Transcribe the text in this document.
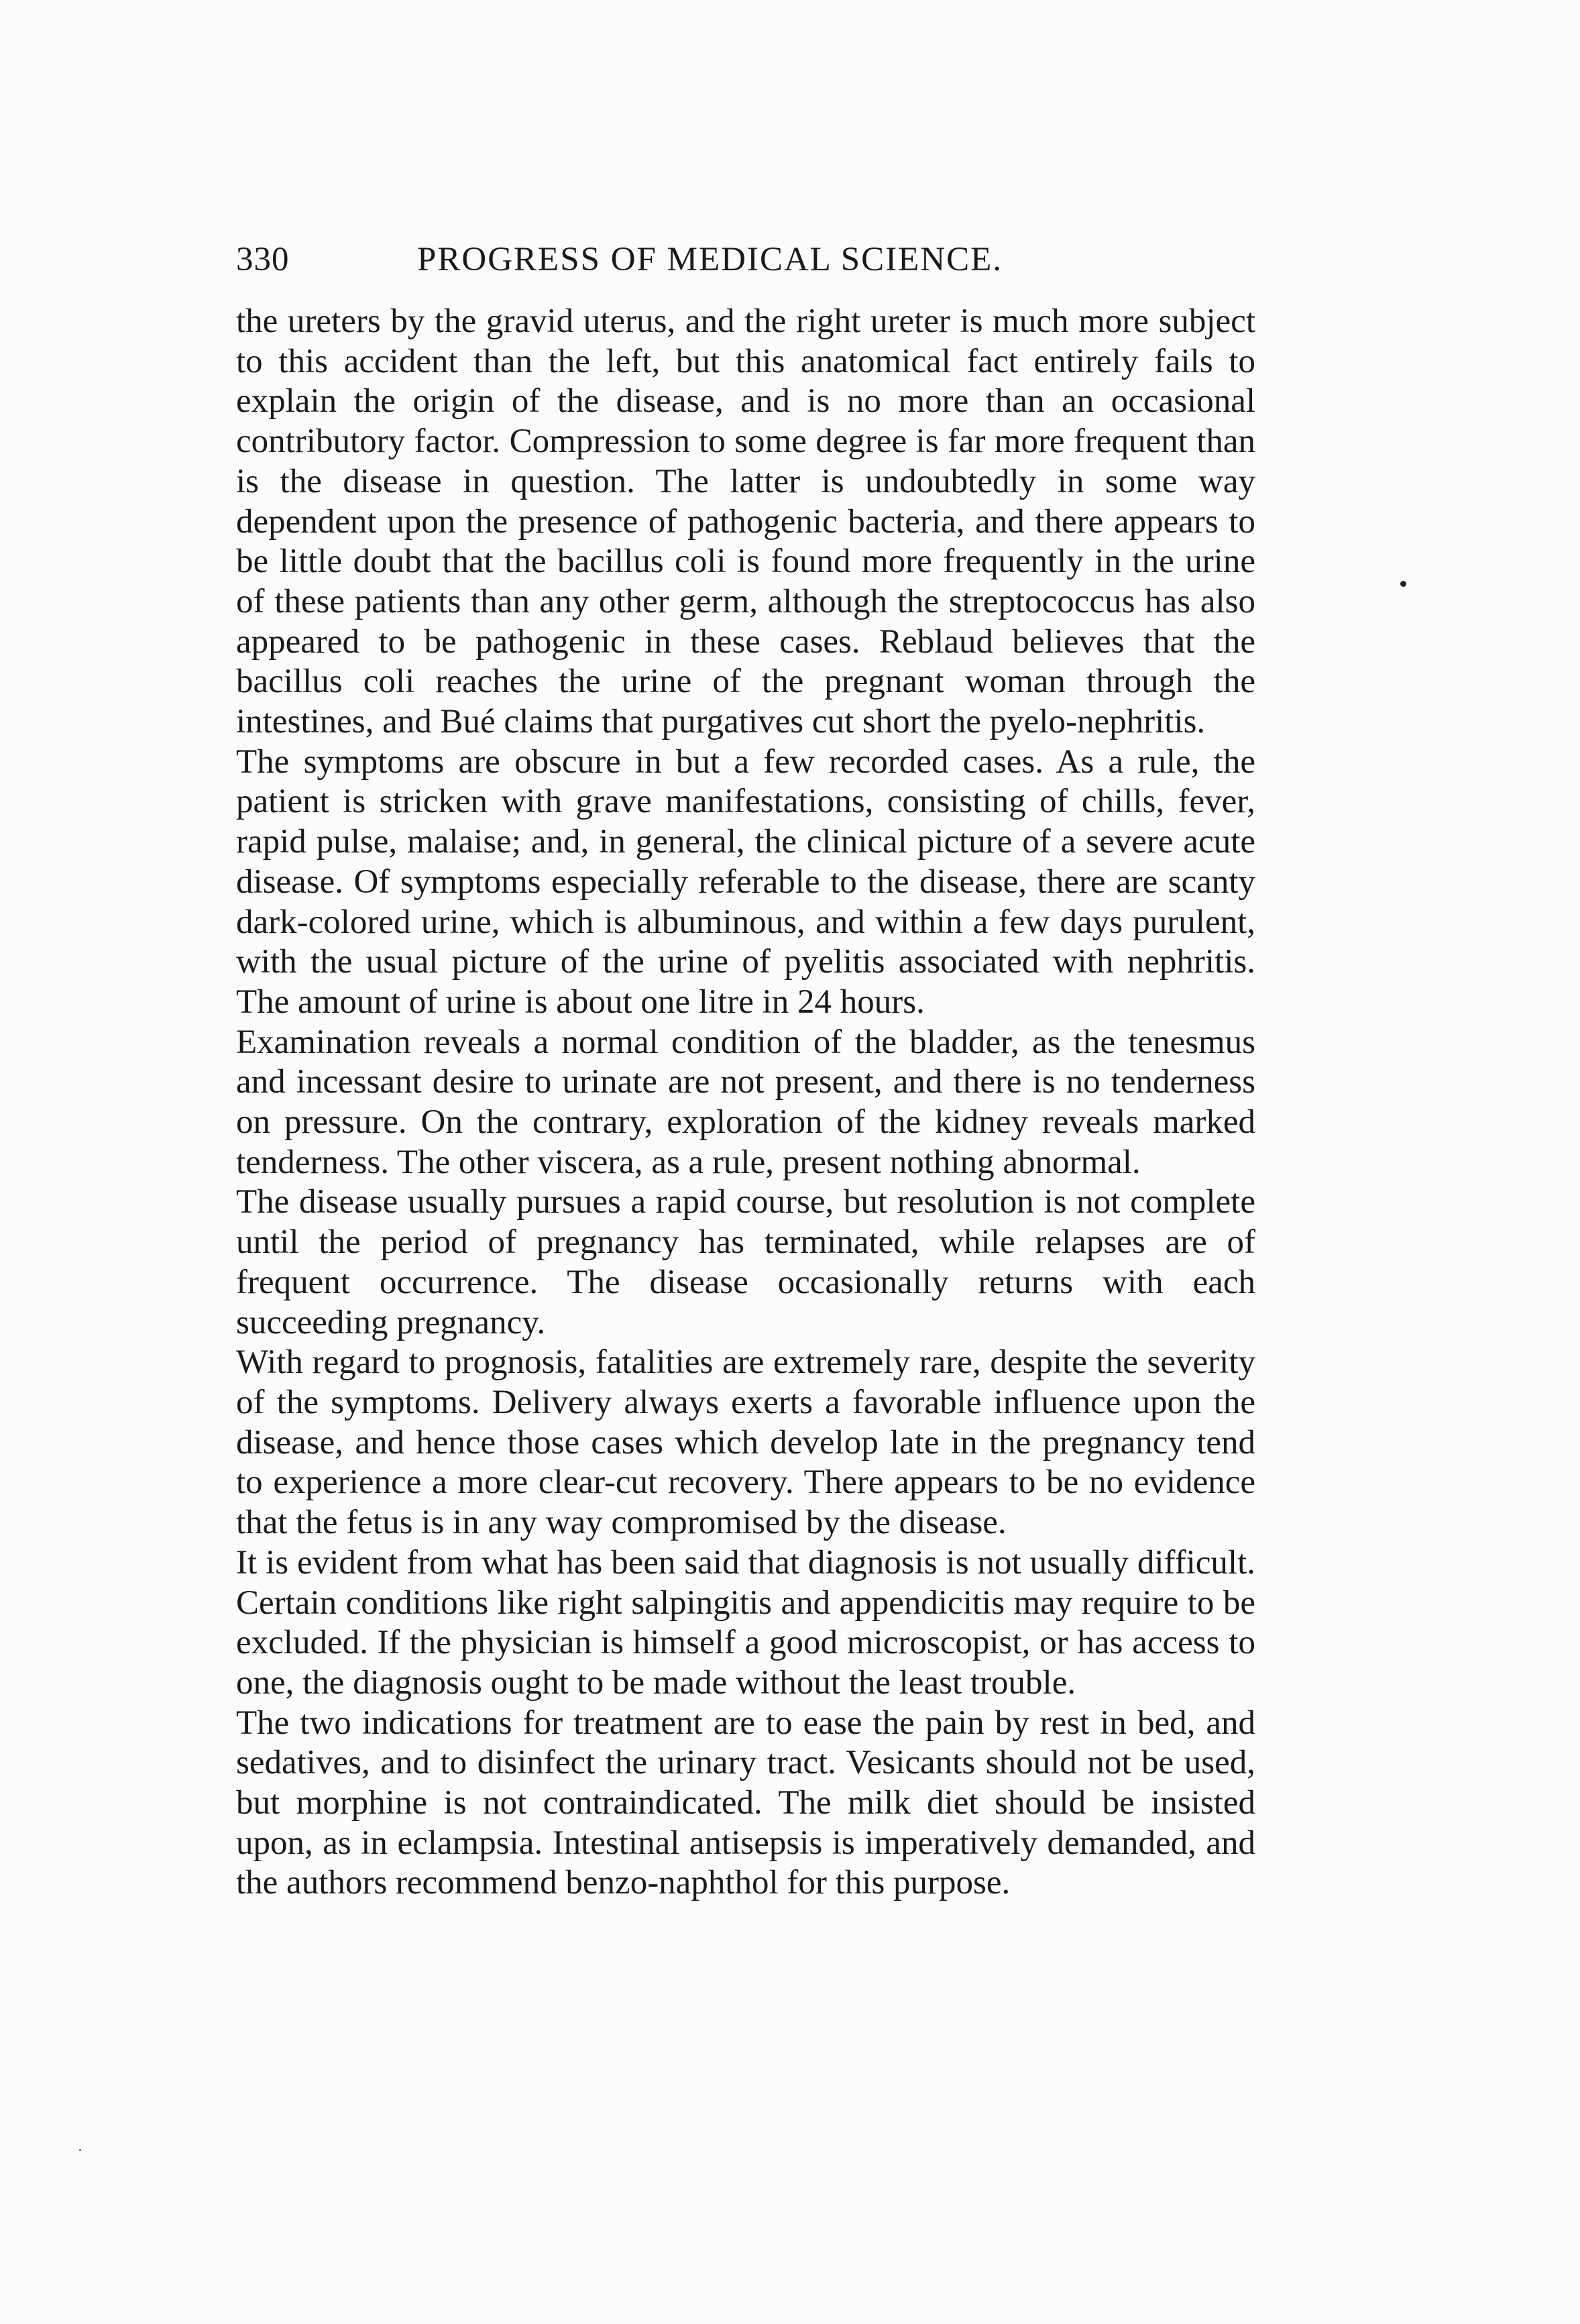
330	PROGRESS OF MEDICAL SCIENCE.

the ureters by the gravid uterus, and the right ureter is much more subject to this accident than the left, but this anatomical fact entirely fails to explain the origin of the disease, and is no more than an occasional contributory factor. Compression to some degree is far more frequent than is the disease in question. The latter is undoubtedly in some way dependent upon the presence of pathogenic bacteria, and there appears to be little doubt that the bacillus coli is found more frequently in the urine of these patients than any other germ, although the streptococcus has also appeared to be pathogenic in these cases. Reblaud believes that the bacillus coli reaches the urine of the pregnant woman through the intestines, and Bué claims that purgatives cut short the pyelo-nephritis.

The symptoms are obscure in but a few recorded cases. As a rule, the patient is stricken with grave manifestations, consisting of chills, fever, rapid pulse, malaise; and, in general, the clinical picture of a severe acute disease. Of symptoms especially referable to the disease, there are scanty dark-colored urine, which is albuminous, and within a few days purulent, with the usual picture of the urine of pyelitis associated with nephritis. The amount of urine is about one litre in 24 hours.

Examination reveals a normal condition of the bladder, as the tenesmus and incessant desire to urinate are not present, and there is no tenderness on pressure. On the contrary, exploration of the kidney reveals marked tenderness. The other viscera, as a rule, present nothing abnormal.

The disease usually pursues a rapid course, but resolution is not complete until the period of pregnancy has terminated, while relapses are of frequent occurrence. The disease occasionally returns with each succeeding pregnancy.

With regard to prognosis, fatalities are extremely rare, despite the severity of the symptoms. Delivery always exerts a favorable influence upon the disease, and hence those cases which develop late in the pregnancy tend to experience a more clear-cut recovery. There appears to be no evidence that the fetus is in any way compromised by the disease.

It is evident from what has been said that diagnosis is not usually difficult. Certain conditions like right salpingitis and appendicitis may require to be excluded. If the physician is himself a good microscopist, or has access to one, the diagnosis ought to be made without the least trouble.

The two indications for treatment are to ease the pain by rest in bed, and sedatives, and to disinfect the urinary tract. Vesicants should not be used, but morphine is not contraindicated. The milk diet should be insisted upon, as in eclampsia. Intestinal antisepsis is imperatively demanded, and the authors recommend benzo-naphthol for this purpose.
